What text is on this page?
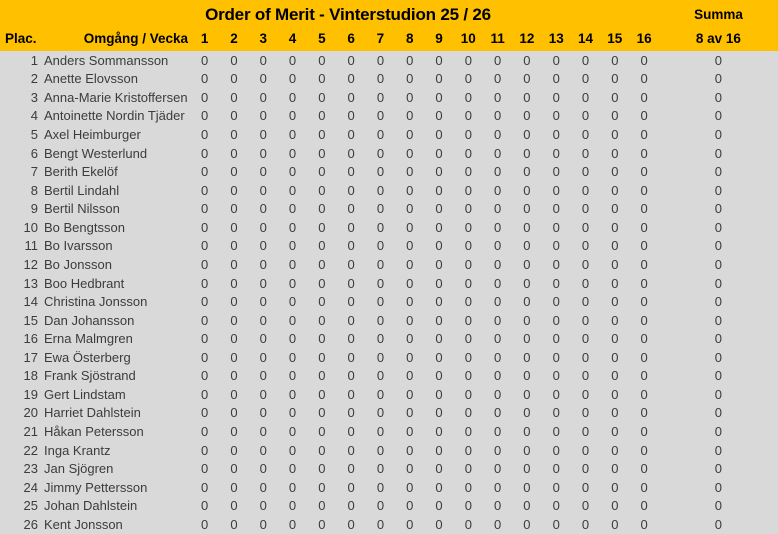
Order of Merit - Vinterstudion 25 / 26	Summa
Plac.	Omgång / Vecka 1	2	3	4	5	6	7	8	9	10	11	12	13	14	15	16	8 av 16
1 Anders Sommansson	0	0	0	0	0	0	0	0	0	0	0	0	0	0	0	0	0
2 Anette Elovsson	0	0	0	0	0	0	0	0	0	0	0	0	0	0	0	0	0
3 Anna-Marie Kristoffersen	0	0	0	0	0	0	0	0	0	0	0	0	0	0	0	0	0
4 Antoinette Nordin Tjäder	0	0	0	0	0	0	0	0	0	0	0	0	0	0	0	0	0
5 Axel Heimburger	0	0	0	0	0	0	0	0	0	0	0	0	0	0	0	0	0
6 Bengt Westerlund	0	0	0	0	0	0	0	0	0	0	0	0	0	0	0	0	0
7 Berith Ekelöf	0	0	0	0	0	0	0	0	0	0	0	0	0	0	0	0	0
8 Bertil Lindahl	0	0	0	0	0	0	0	0	0	0	0	0	0	0	0	0	0
9 Bertil Nilsson	0	0	0	0	0	0	0	0	0	0	0	0	0	0	0	0	0
10 Bo Bengtsson	0	0	0	0	0	0	0	0	0	0	0	0	0	0	0	0	0
11 Bo Ivarsson	0	0	0	0	0	0	0	0	0	0	0	0	0	0	0	0	0
12 Bo Jonsson	0	0	0	0	0	0	0	0	0	0	0	0	0	0	0	0	0
13 Boo Hedbrant	0	0	0	0	0	0	0	0	0	0	0	0	0	0	0	0	0
14 Christina Jonsson	0	0	0	0	0	0	0	0	0	0	0	0	0	0	0	0	0
15 Dan Johansson	0	0	0	0	0	0	0	0	0	0	0	0	0	0	0	0	0
16 Erna Malmgren	0	0	0	0	0	0	0	0	0	0	0	0	0	0	0	0	0
17 Ewa Österberg	0	0	0	0	0	0	0	0	0	0	0	0	0	0	0	0	0
18 Frank Sjöstrand	0	0	0	0	0	0	0	0	0	0	0	0	0	0	0	0	0
19 Gert Lindstam	0	0	0	0	0	0	0	0	0	0	0	0	0	0	0	0	0
20 Harriet Dahlstein	0	0	0	0	0	0	0	0	0	0	0	0	0	0	0	0	0
21 Håkan Petersson	0	0	0	0	0	0	0	0	0	0	0	0	0	0	0	0	0
22 Inga Krantz	0	0	0	0	0	0	0	0	0	0	0	0	0	0	0	0	0
23 Jan Sjögren	0	0	0	0	0	0	0	0	0	0	0	0	0	0	0	0	0
24 Jimmy Pettersson	0	0	0	0	0	0	0	0	0	0	0	0	0	0	0	0	0
25 Johan Dahlstein	0	0	0	0	0	0	0	0	0	0	0	0	0	0	0	0	0
26 Kent Jonsson	0	0	0	0	0	0	0	0	0	0	0	0	0	0	0	0	0
